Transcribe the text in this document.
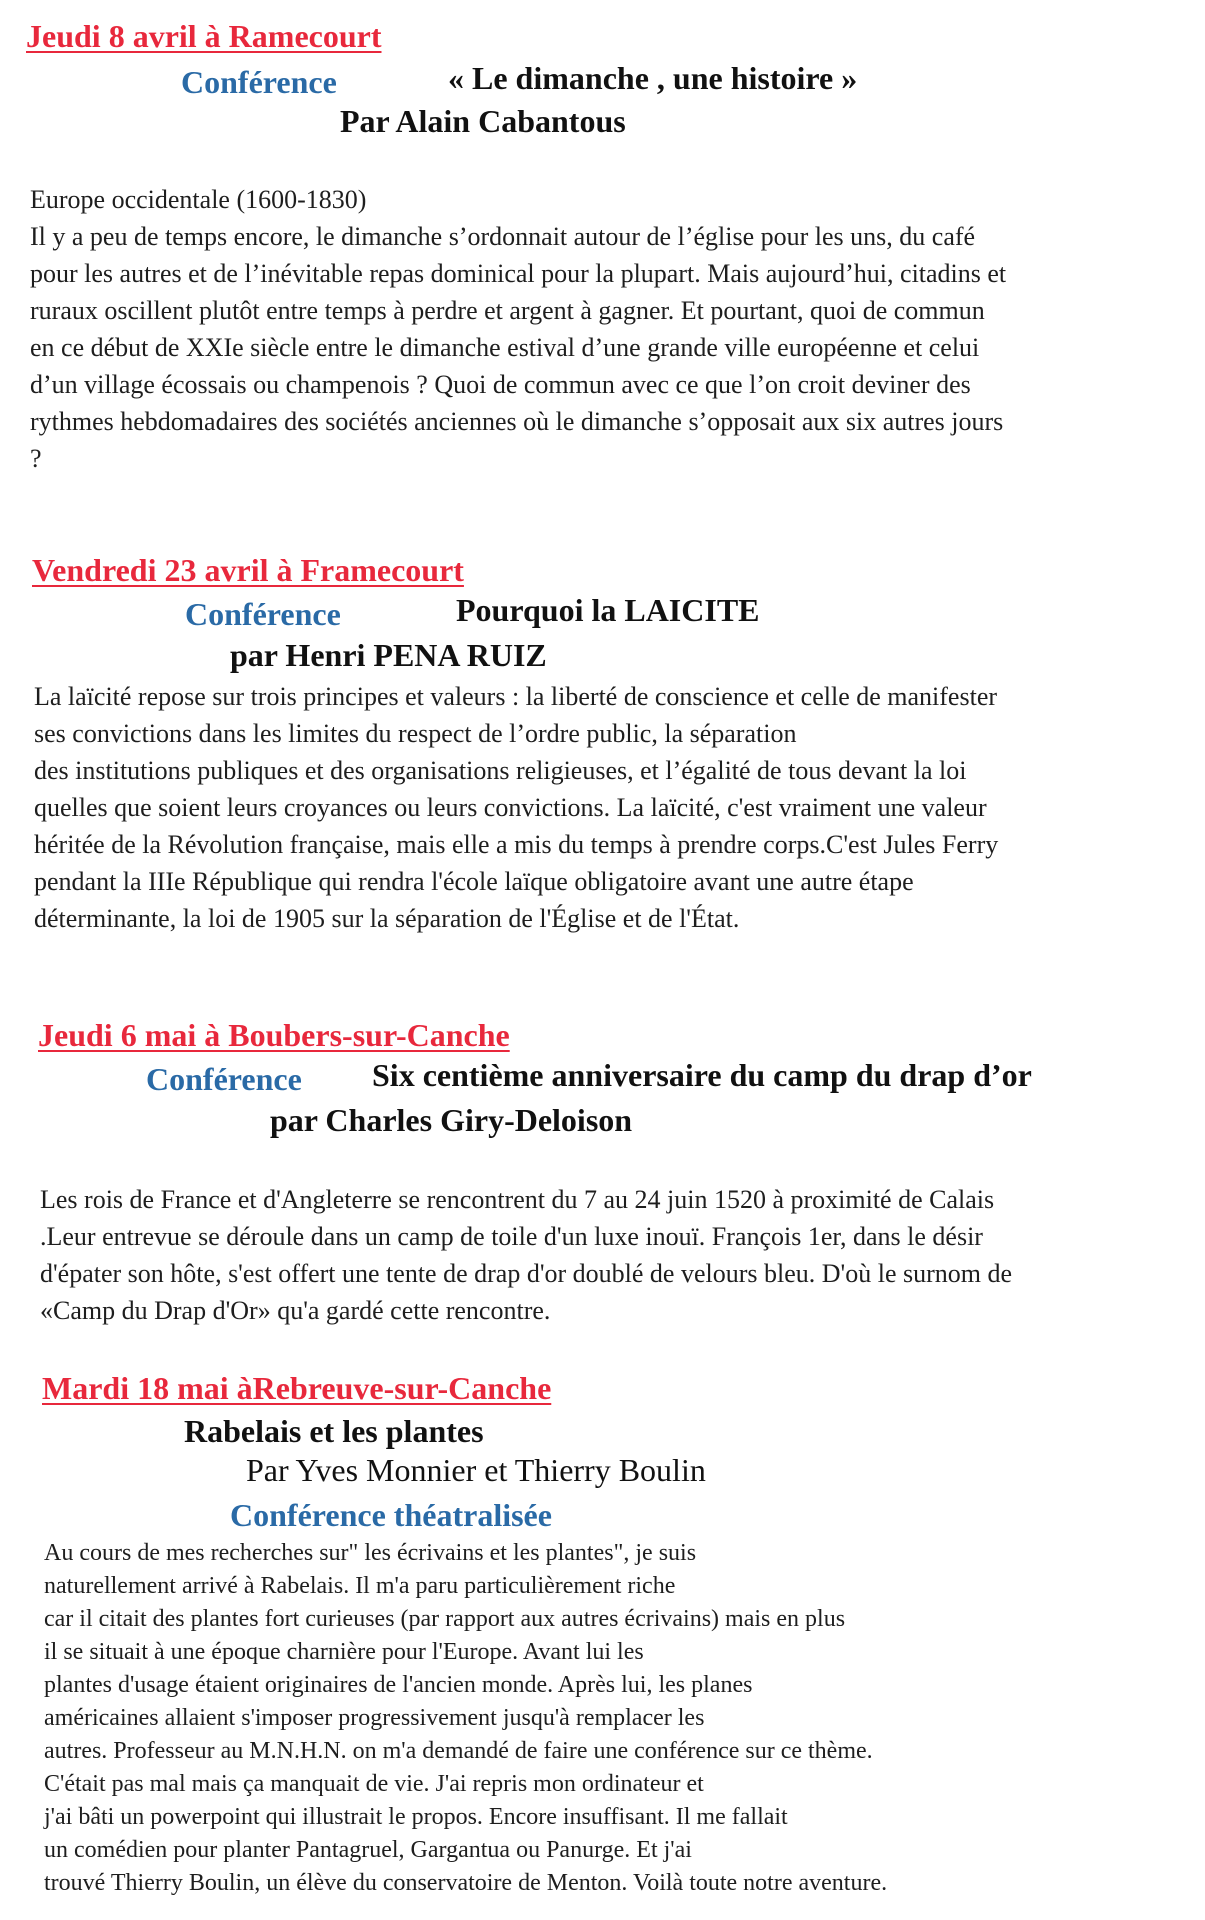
Jeudi 8 avril à Ramecourt
Conférence	« Le dimanche , une histoire »
Par Alain Cabantous
Europe occidentale (1600-1830)
Il y a peu de temps encore, le dimanche s’ordonnait autour de l’église pour les uns, du café
pour les autres et de l’inévitable repas dominical pour la plupart. Mais aujourd’hui, citadins et
ruraux oscillent plutôt entre temps à perdre et argent à gagner. Et pourtant, quoi de commun
en ce début de XXIe siècle entre le dimanche estival d’une grande ville européenne et celui
d’un village écossais ou champenois ? Quoi de commun avec ce que l’on croit deviner des
rythmes hebdomadaires des sociétés anciennes où le dimanche s’opposait aux six autres jours
?
Vendredi 23 avril à Framecourt
Conférence	Pourquoi la LAICITE
par Henri PENA RUIZ
La laïcité repose sur trois principes et valeurs : la liberté de conscience et celle de manifester
ses convictions dans les limites du respect de l’ordre public, la séparation
des institutions publiques et des organisations religieuses, et l’égalité de tous devant la loi
quelles que soient leurs croyances ou leurs convictions. La laïcité, c'est vraiment une valeur
héritée de la Révolution française, mais elle a mis du temps à prendre corps.C'est Jules Ferry
pendant la IIIe République qui rendra l'école laïque obligatoire avant une autre étape
déterminante, la loi de 1905 sur la séparation de l'Église et de l'État.
Jeudi 6 mai à Boubers-sur-Canche
Conférence Six centième anniversaire du camp du drap d’or
par Charles Giry-Deloison
Les rois de France et d'Angleterre se rencontrent du 7 au 24 juin 1520 à proximité de Calais
.Leur entrevue se déroule dans un camp de toile d'un luxe inouï. François 1er, dans le désir
d'épater son hôte, s'est offert une tente de drap d'or doublé de velours bleu. D'où le surnom de
«Camp du Drap d'Or» qu'a gardé cette rencontre.
Mardi 18 mai àRebreuve-sur-Canche
Rabelais et les plantes
Par Yves Monnier et Thierry Boulin
Conférence théatralisée
Au cours de mes recherches sur" les écrivains et les plantes", je suis
naturellement arrivé à Rabelais. Il m'a paru particulièrement riche
car il citait des plantes fort curieuses (par rapport aux autres écrivains) mais en plus
il se situait à une époque charnière pour l'Europe. Avant lui les
plantes d'usage étaient originaires de l'ancien monde. Après lui, les planes
américaines allaient s'imposer progressivement jusqu'à remplacer les
autres. Professeur au M.N.H.N. on m'a demandé de faire une conférence sur ce thème.
C'était pas mal mais ça manquait de vie. J'ai repris mon ordinateur et
j'ai bâti un powerpoint qui illustrait le propos. Encore insuffisant. Il me fallait
un comédien pour planter Pantagruel, Gargantua ou Panurge. Et j'ai
trouvé Thierry Boulin, un élève du conservatoire de Menton. Voilà toute notre aventure.
